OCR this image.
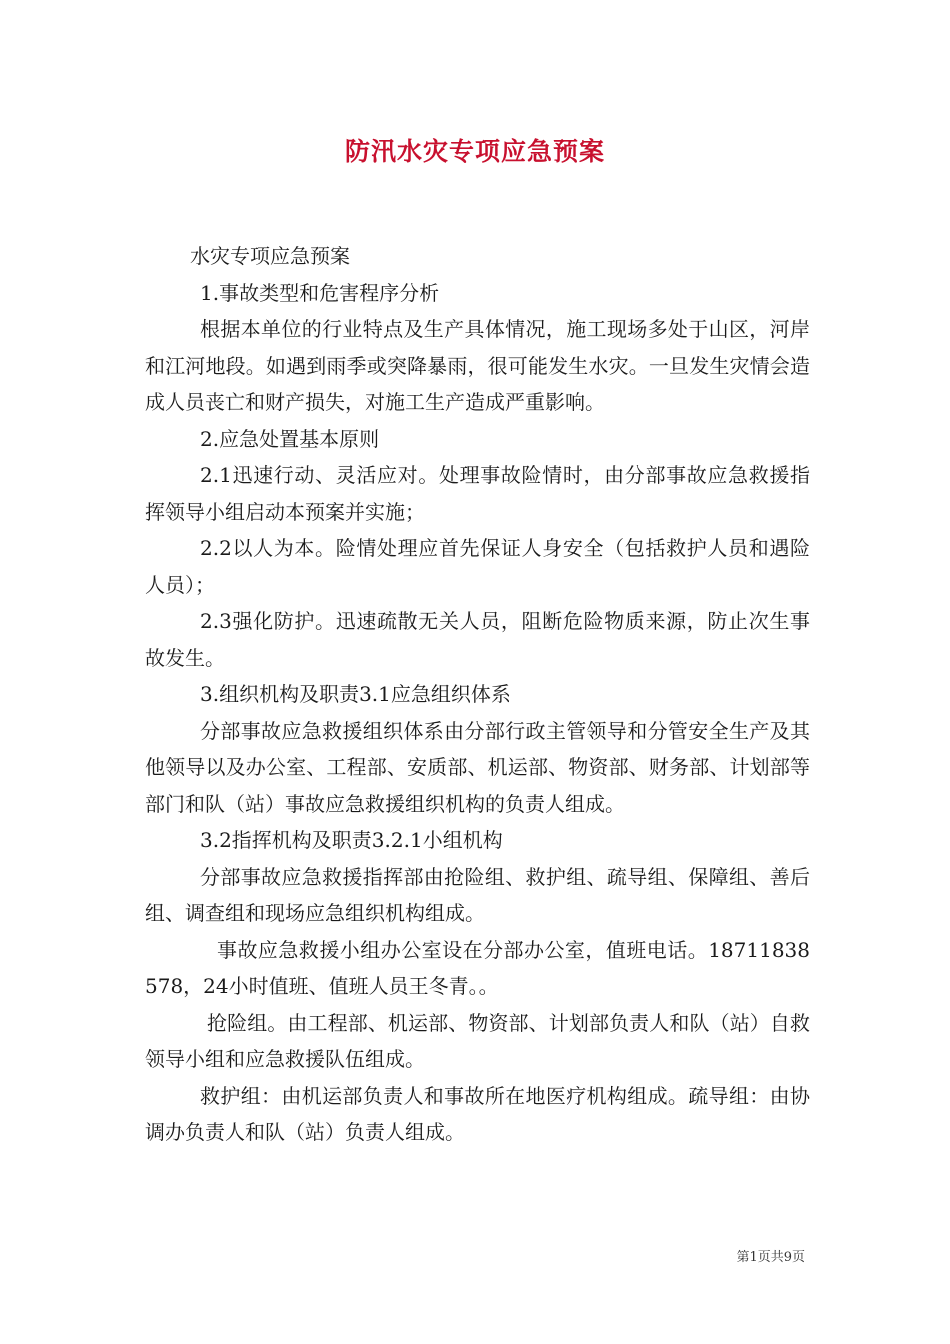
防汛水灾专项应急预案

水灾专项应急预案

1.事故类型和危害程序分析

根据本单位的行业特点及生产具体情况，施工现场多处于山区，河岸和江河地段。如遇到雨季或突降暴雨，很可能发生水灾。一旦发生灾情会造成人员丧亡和财产损失，对施工生产造成严重影响。

2.应急处置基本原则

2.1迅速行动、灵活应对。处理事故险情时，由分部事故应急救援指挥领导小组启动本预案并实施；

2.2以人为本。险情处理应首先保证人身安全（包括救护人员和遇险人员）；

2.3强化防护。迅速疏散无关人员，阻断危险物质来源，防止次生事故发生。

3.组织机构及职责3.1应急组织体系

分部事故应急救援组织体系由分部行政主管领导和分管安全生产及其他领导以及办公室、工程部、安质部、机运部、物资部、财务部、计划部等部门和队（站）事故应急救援组织机构的负责人组成。

3.2指挥机构及职责3.2.1小组机构

分部事故应急救援指挥部由抢险组、救护组、疏导组、保障组、善后组、调查组和现场应急组织机构组成。

事故应急救援小组办公室设在分部办公室，值班电话。18711838578，24小时值班、值班人员王冬青。。

抢险组。由工程部、机运部、物资部、计划部负责人和队（站）自救领导小组和应急救援队伍组成。

救护组：由机运部负责人和事故所在地医疗机构组成。疏导组：由协调办负责人和队（站）负责人组成。

第1页共9页
